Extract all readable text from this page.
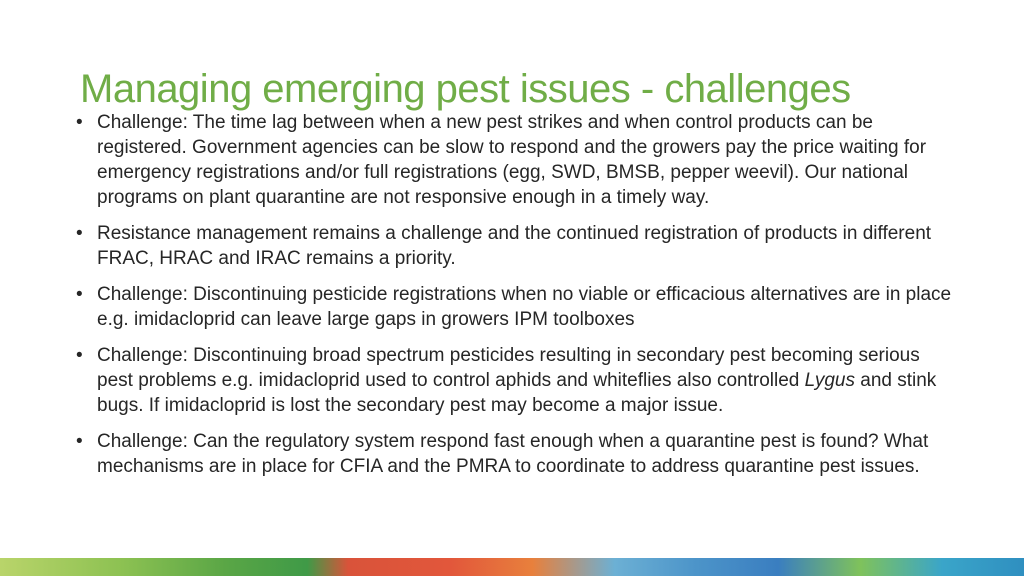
Managing emerging pest issues - challenges
• Challenge: The time lag between when a new pest strikes and when control products can be registered. Government agencies can be slow to respond and the growers pay the price waiting for emergency registrations and/or full registrations (egg, SWD, BMSB, pepper weevil). Our national programs on plant quarantine are not responsive enough in a timely way.
• Resistance management remains a challenge and the continued registration of products in different FRAC, HRAC and IRAC remains a priority.
• Challenge: Discontinuing pesticide registrations when no viable or efficacious alternatives are in place e.g. imidacloprid can leave large gaps in growers IPM toolboxes
• Challenge: Discontinuing broad spectrum pesticides resulting in secondary pest becoming serious pest problems e.g. imidacloprid used to control aphids and whiteflies also controlled Lygus and stink bugs. If imidacloprid is lost the secondary pest may become a major issue.
• Challenge: Can the regulatory system respond fast enough when a quarantine pest is found? What mechanisms are in place for CFIA and the PMRA to coordinate to address quarantine pest issues.
